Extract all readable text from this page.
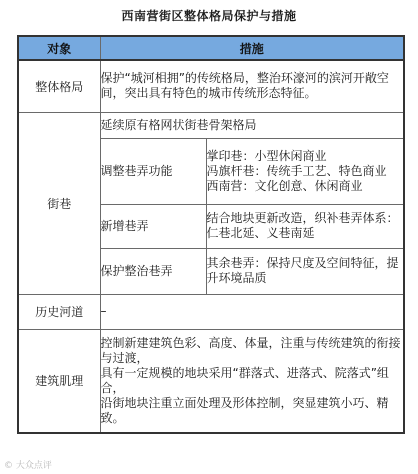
西南营街区整体格局保护与措施
对象	措施	
整体格局	保护“城河相拥”的传统格局，整治环濠河的滨河开敞空间，突出具有特色的城市传统形态特征。	
街巷	延续原有格网状街巷骨架格局	
	调整巷弄功能	掌印巷：小型休闲商业
冯旗杆巷：传统手工艺、特色商业
西南营：文化创意、休闲商业

	新增巷弄	结合地块更新改造，织补巷弄体系：仁巷北延、义巷南延
	保护整治巷弄	其余巷弄：保持尺度及空间特征，提升环境品质
历史河道	–	
建筑肌理	控制新建建筑色彩、高度、体量，注重与传统建筑的衔接与过渡，
具有一定规模的地块采用“群落式、进落式、院落式”组合，
沿街地块注重立面处理及形体控制，突显建筑小巧、精致。	
© 大众点评
